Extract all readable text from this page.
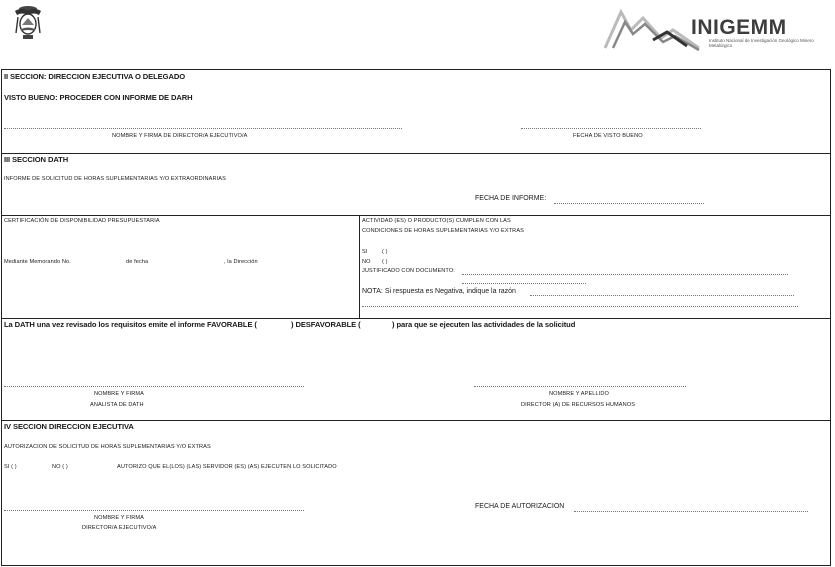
INIGEMM
Instituto Nacional de Investigación Geológico Minero Metalúrgico
II SECCION: DIRECCION EJECUTIVA O DELEGADO
VISTO BUENO: PROCEDER CON INFORME DE DARH
NOMBRE Y FIRMA DE DIRECTOR/A EJECUTIVO/A	FECHA DE VISTO BUENO
III SECCION DATH
INFORME DE SOLICITUD DE HORAS SUPLEMENTARIAS Y/O EXTRAORDINARIAS
FECHA DE INFORME:
CERTIFICACIÓN DE DISPONIBILIDAD PRESUPUESTARIA
Mediante Memorando No.	de fecha	, la Dirección
ACTIVIDAD (ES) O PRODUCTO(S) CUMPLEN CON LAS
CONDICIONES DE HORAS SUPLEMENTARIAS Y/O EXTRAS
SI	( )
NO ( )
JUSTIFICADO CON DOCUMENTO:
NOTA: Si respuesta es Negativa, indique la razón
La DATH una vez revisado los requisitos emite el informe FAVORABLE (	) DESFAVORABLE (	) para que se ejecuten las actividades de la solicitud
NOMBRE Y FIRMA
ANALISTA DE DATH
NOMBRE Y APELLIDO
DIRECTOR (A) DE RECURSOS HUMANOS
IV SECCION DIRECCION EJECUTIVA
AUTORIZACION DE SOLICITUD DE HORAS SUPLEMENTARIAS Y/O EXTRAS
SI ( )	NO ( )	AUTORIZO QUE EL(LOS) (LAS) SERVIDOR (ES) (AS) EJECUTEN LO SOLICITADO
NOMBRE Y FIRMA
DIRECTOR/A EJECUTIVO/A
FECHA DE AUTORIZACION
